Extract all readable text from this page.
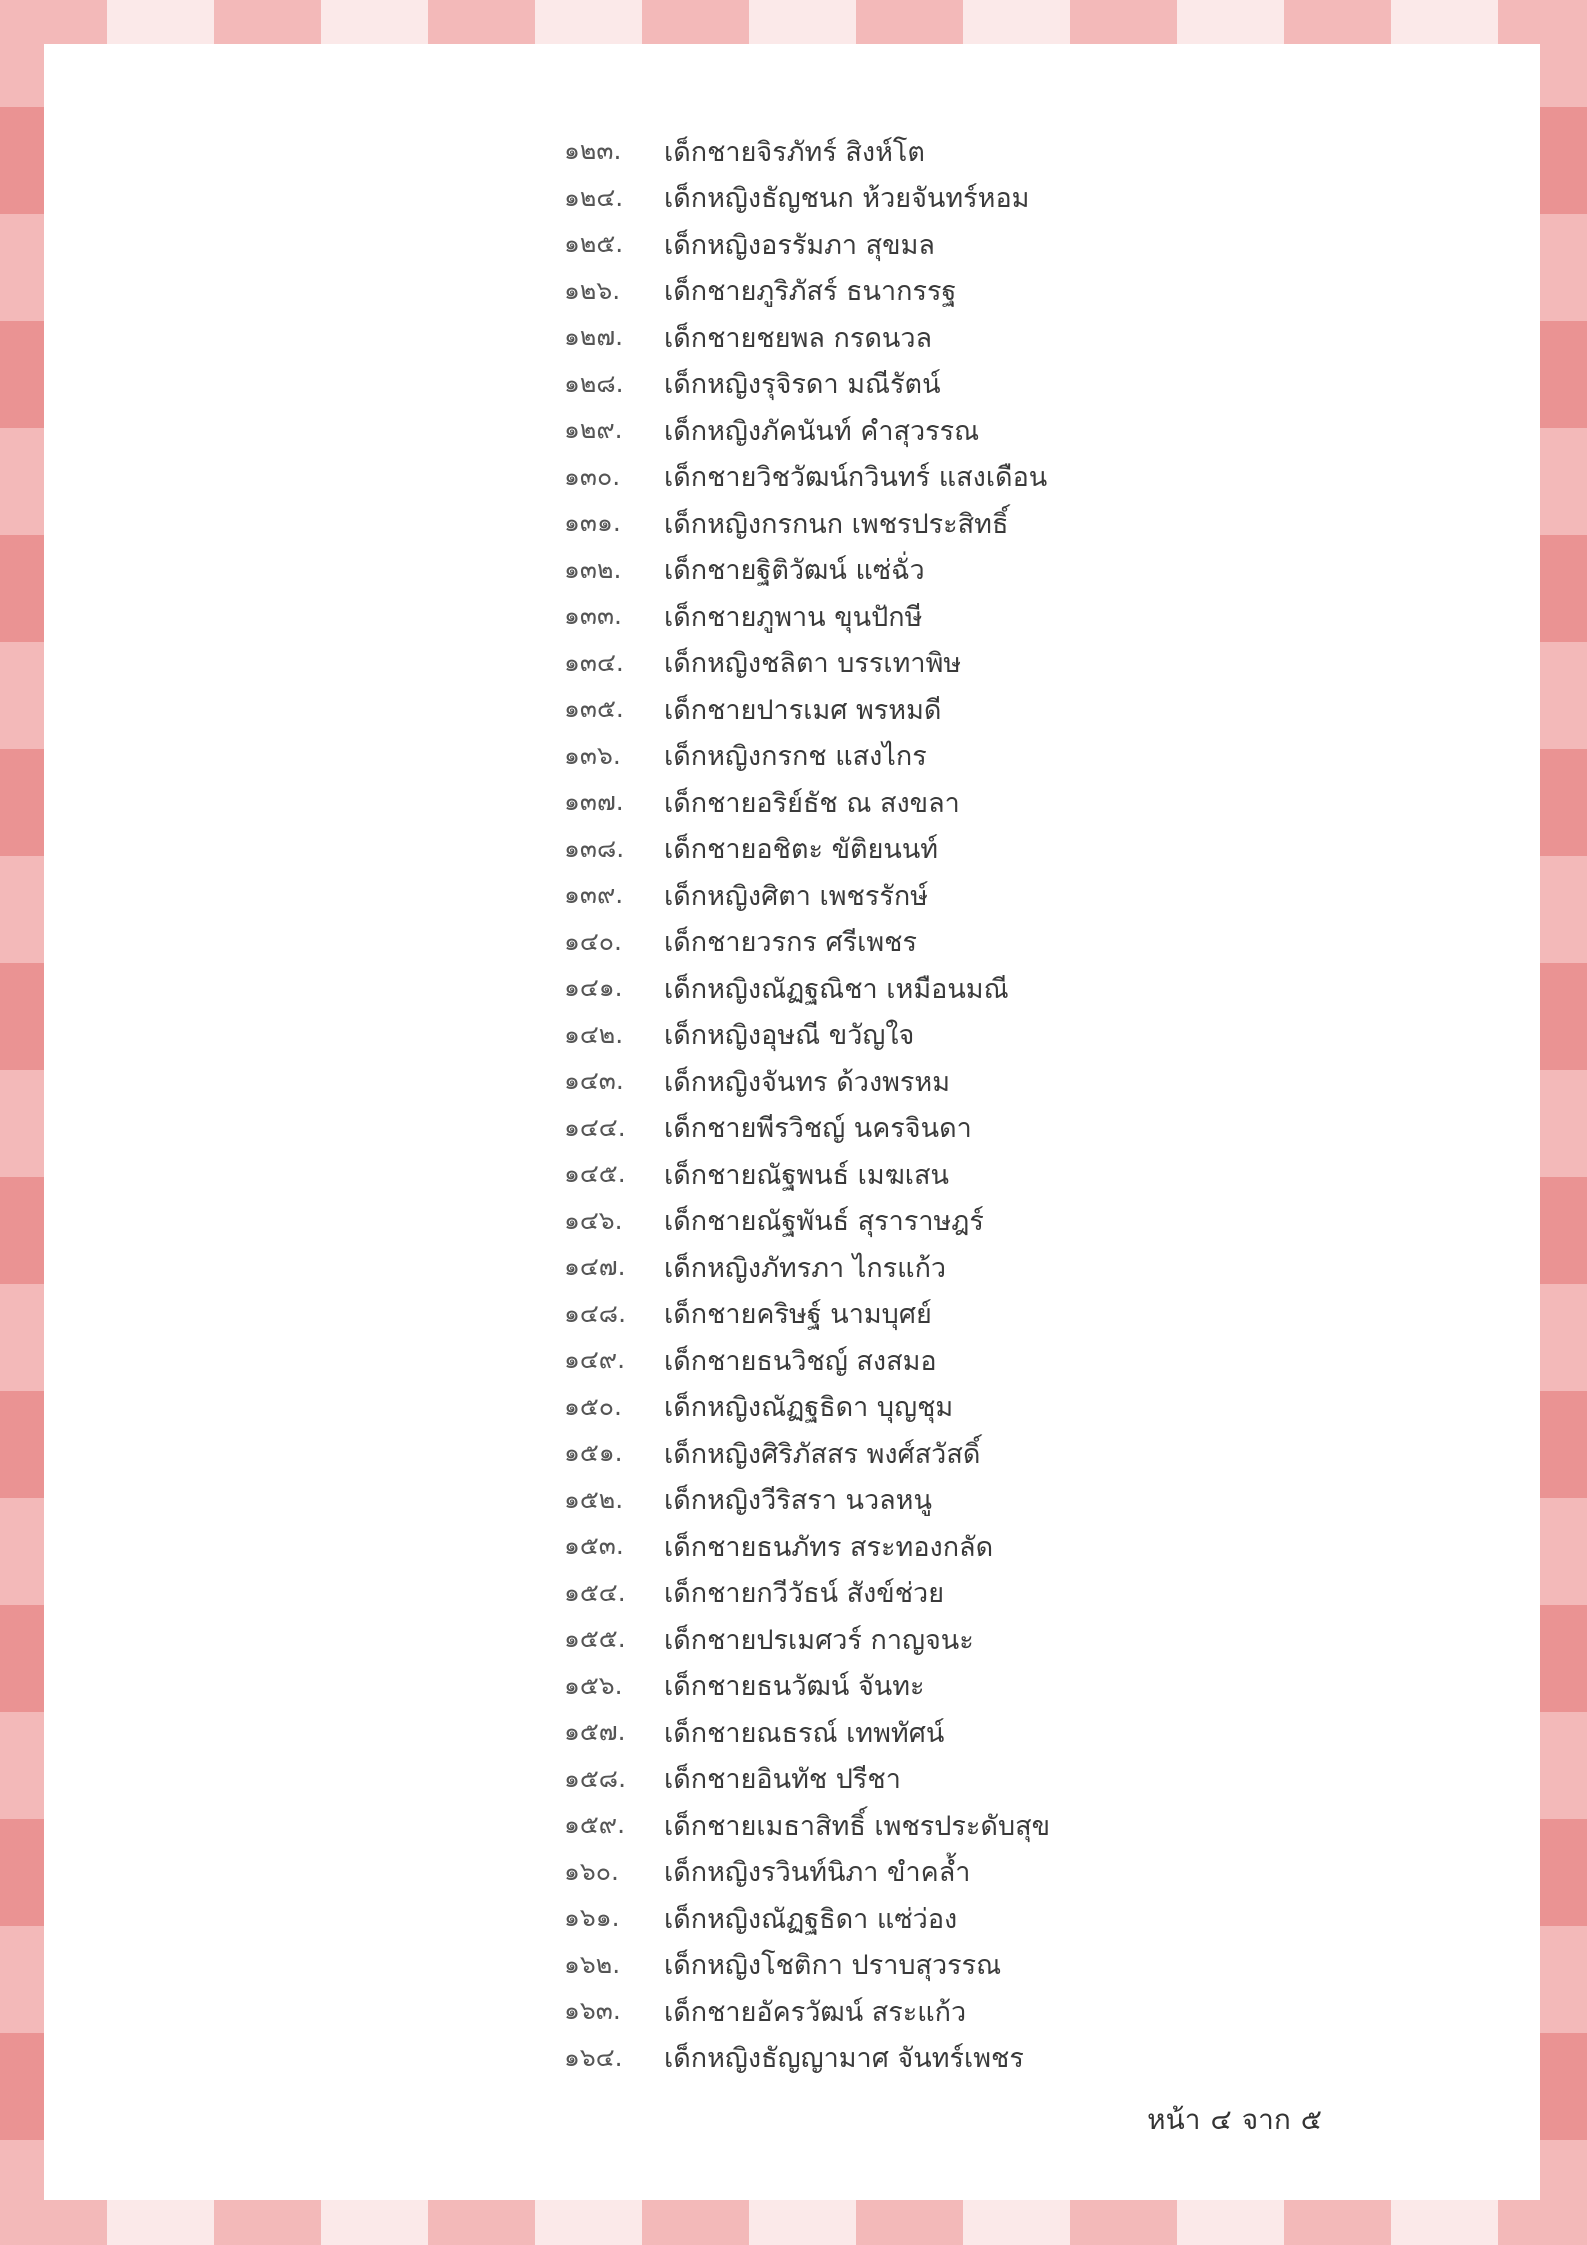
๑๒๓.	เด็กชายจิรภัทร์ สิงห์โต
๑๒๔.	เด็กหญิงธัญชนก ห้วยจันทร์หอม
๑๒๕.	เด็กหญิงอรรัมภา สุขมล
๑๒๖.	เด็กชายภูริภัสร์ ธนากรรฐ
๑๒๗.	เด็กชายชยพล กรดนวล
๑๒๘.	เด็กหญิงรุจิรดา มณีรัตน์
๑๒๙.	เด็กหญิงภัคนันท์ คำสุวรรณ
๑๓๐.	เด็กชายวิชวัฒน์กวินทร์ แสงเดือน
๑๓๑.	เด็กหญิงกรกนก เพชรประสิทธิ์
๑๓๒.	เด็กชายฐิติวัฒน์ แซ่ฉั่ว
๑๓๓.	เด็กชายภูพาน ขุนปักษี
๑๓๔.	เด็กหญิงชลิตา บรรเทาพิษ
๑๓๕.	เด็กชายปารเมศ พรหมดี
๑๓๖.	เด็กหญิงกรกช แสงไกร
๑๓๗.	เด็กชายอริย์ธัช ณ สงขลา
๑๓๘.	เด็กชายอชิตะ ขัติยนนท์
๑๓๙.	เด็กหญิงศิตา เพชรรักษ์
๑๔๐.	เด็กชายวรกร ศรีเพชร
๑๔๑.	เด็กหญิงณัฏฐณิชา เหมือนมณี
๑๔๒.	เด็กหญิงอุษณี ขวัญใจ
๑๔๓.	เด็กหญิงจันทร ด้วงพรหม
๑๔๔.	เด็กชายพีรวิชญ์ นครจินดา
๑๔๕.	เด็กชายณัฐพนธ์ เมฆเสน
๑๔๖.	เด็กชายณัฐพันธ์ สุราราษฎร์
๑๔๗.	เด็กหญิงภัทรภา ไกรแก้ว
๑๔๘.	เด็กชายคริษฐ์ นามบุศย์
๑๔๙.	เด็กชายธนวิชญ์ สงสมอ
๑๕๐.	เด็กหญิงณัฏฐธิดา บุญชุม
๑๕๑.	เด็กหญิงศิริภัสสร พงศ์สวัสดิ์
๑๕๒.	เด็กหญิงวีริสรา นวลหนู
๑๕๓.	เด็กชายธนภัทร สระทองกลัด
๑๕๔.	เด็กชายกวีวัธน์ สังข์ช่วย
๑๕๕.	เด็กชายปรเมศวร์ กาญจนะ
๑๕๖.	เด็กชายธนวัฒน์ จันทะ
๑๕๗.	เด็กชายณธรณ์ เทพทัศน์
๑๕๘.	เด็กชายอินทัช ปรีชา
๑๕๙.	เด็กชายเมธาสิทธิ์ เพชรประดับสุข
๑๖๐.	เด็กหญิงรวินท์นิภา ขำคล้ำ
๑๖๑.	เด็กหญิงณัฏฐธิดา แซ่ว่อง
๑๖๒.	เด็กหญิงโชติกา ปราบสุวรรณ
๑๖๓.	เด็กชายอัครวัฒน์ สระแก้ว
๑๖๔.	เด็กหญิงธัญญามาศ จันทร์เพชร
หน้า ๔ จาก ๕
